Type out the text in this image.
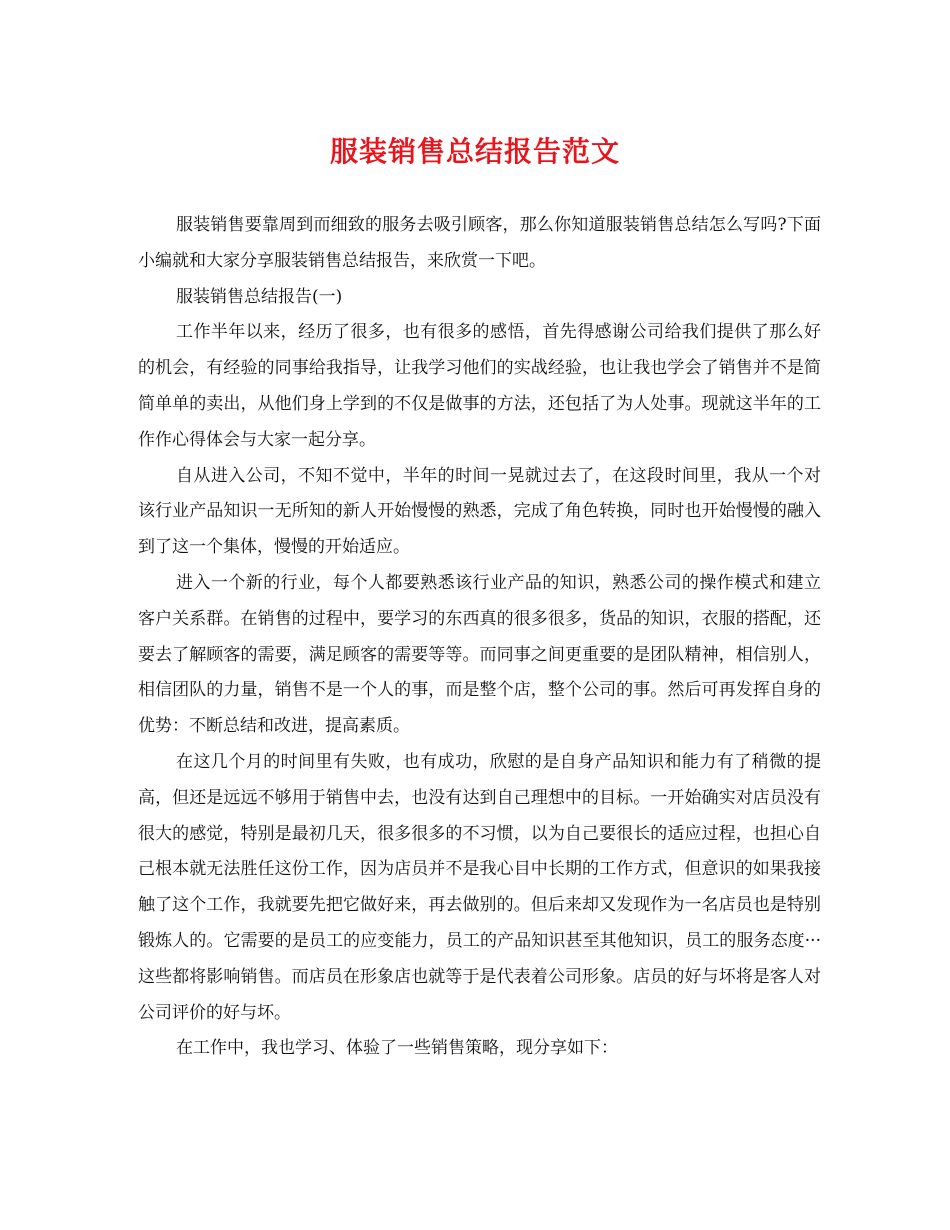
服装销售总结报告范文

服装销售要靠周到而细致的服务去吸引顾客，那么你知道服装销售总结怎么写吗?下面小编就和大家分享服装销售总结报告，来欣赏一下吧。

服装销售总结报告(一)

工作半年以来，经历了很多，也有很多的感悟，首先得感谢公司给我们提供了那么好的机会，有经验的同事给我指导，让我学习他们的实战经验，也让我也学会了销售并不是简简单单的卖出，从他们身上学到的不仅是做事的方法，还包括了为人处事。现就这半年的工作作心得体会与大家一起分享。

自从进入公司，不知不觉中，半年的时间一晃就过去了，在这段时间里，我从一个对该行业产品知识一无所知的新人开始慢慢的熟悉，完成了角色转换，同时也开始慢慢的融入到了这一个集体，慢慢的开始适应。

进入一个新的行业，每个人都要熟悉该行业产品的知识，熟悉公司的操作模式和建立客户关系群。在销售的过程中，要学习的东西真的很多很多，货品的知识，衣服的搭配，还要去了解顾客的需要，满足顾客的需要等等。而同事之间更重要的是团队精神，相信别人，相信团队的力量，销售不是一个人的事，而是整个店，整个公司的事。然后可再发挥自身的优势：不断总结和改进，提高素质。

在这几个月的时间里有失败，也有成功，欣慰的是自身产品知识和能力有了稍微的提高，但还是远远不够用于销售中去，也没有达到自己理想中的目标。一开始确实对店员没有很大的感觉，特别是最初几天，很多很多的不习惯，以为自己要很长的适应过程，也担心自己根本就无法胜任这份工作，因为店员并不是我心目中长期的工作方式，但意识的如果我接触了这个工作，我就要先把它做好来，再去做别的。但后来却又发现作为一名店员也是特别锻炼人的。它需要的是员工的应变能力，员工的产品知识甚至其他知识，员工的服务态度···这些都将影响销售。而店员在形象店也就等于是代表着公司形象。店员的好与坏将是客人对公司评价的好与坏。

在工作中，我也学习、体验了一些销售策略，现分享如下：
